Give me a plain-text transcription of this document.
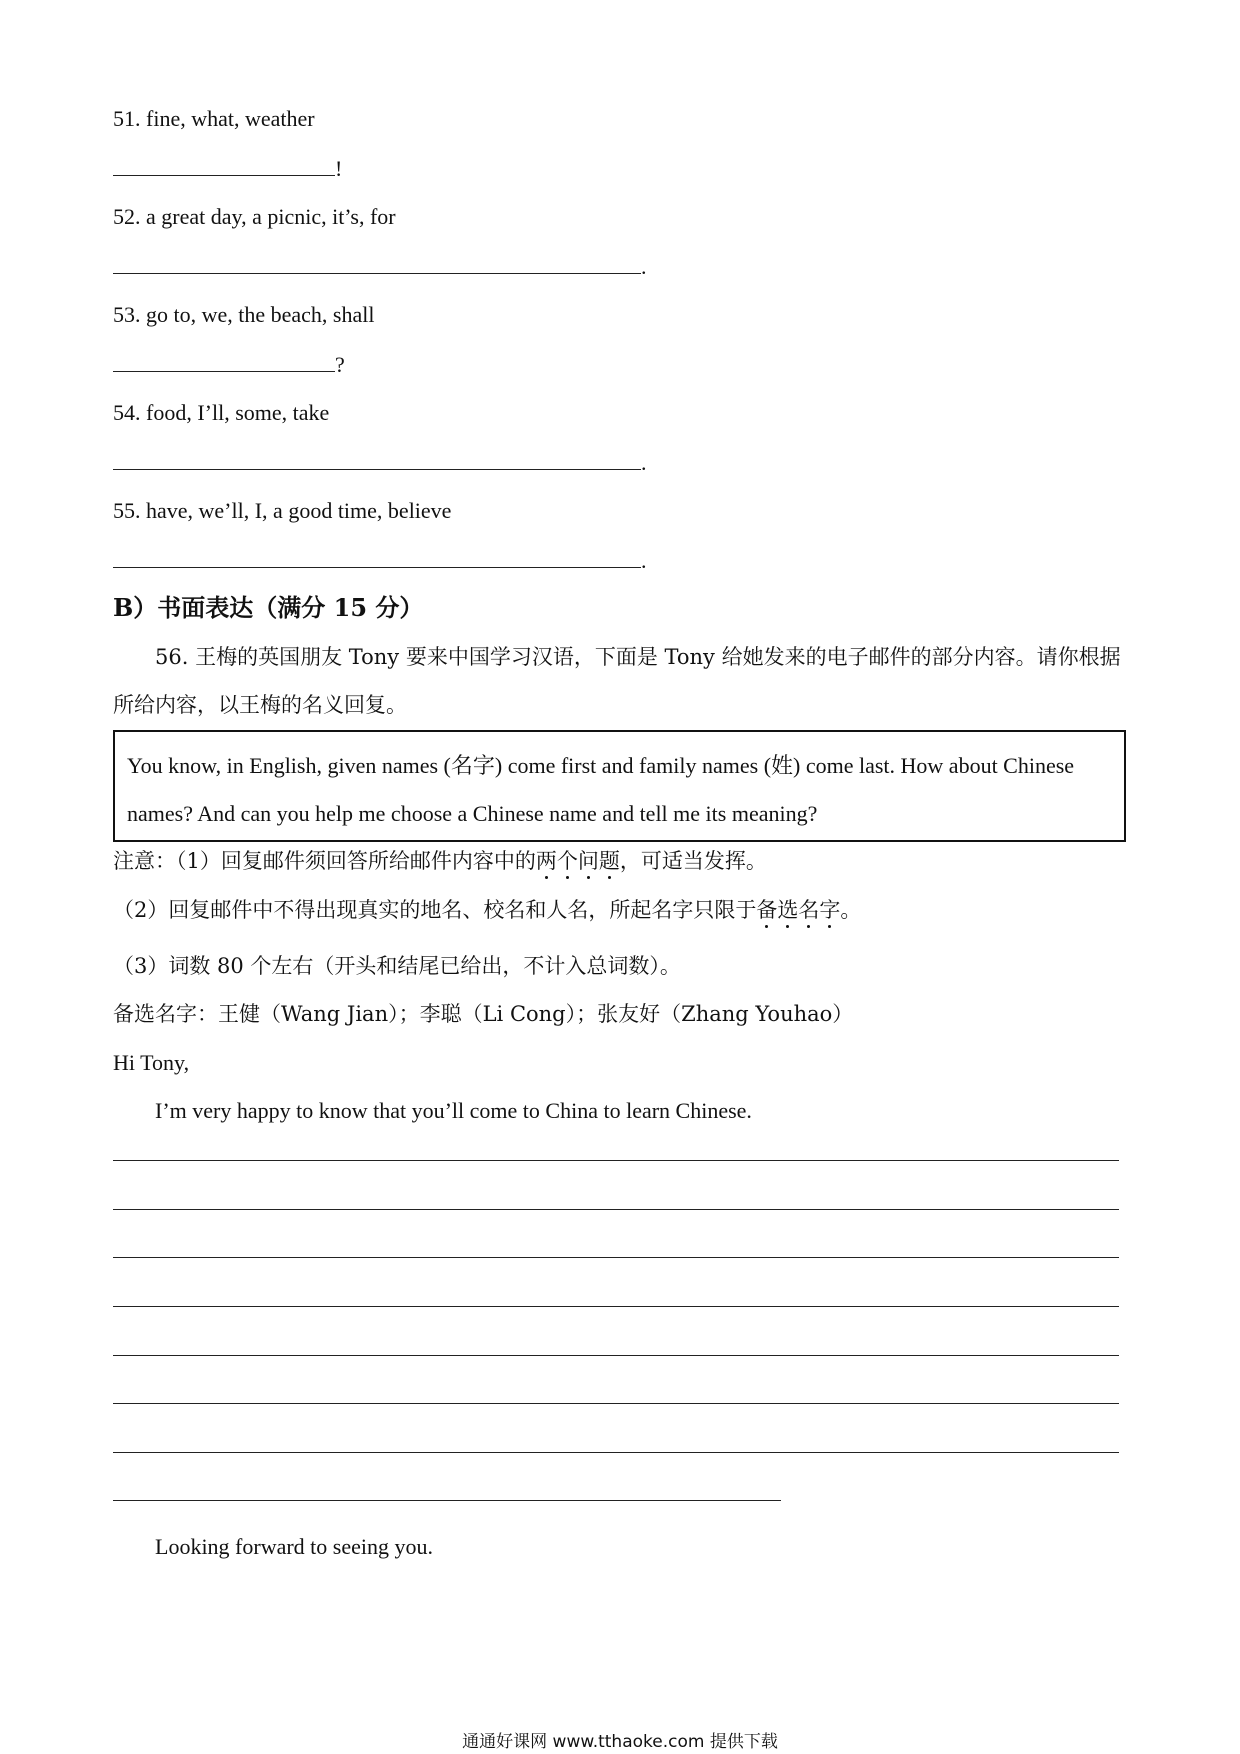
51. fine, what, weather
!
52. a great day, a picnic, it’s, for
.
53. go to, we, the beach, shall
?
54. food, I’ll, some, take
.
55. have, we’ll, I, a good time, believe
.
B）书面表达（满分 15 分）
56. 王梅的英国朋友 Tony 要来中国学习汉语，下面是 Tony 给她发来的电子邮件的部分内容。请你根据所给内容，以王梅的名义回复。
You know, in English, given names (名字) come first and family names (姓) come last. How about Chinese
names? And can you help me choose a Chinese name and tell me its meaning?
注意：（1）回复邮件须回答所给邮件内容中的两个问题，可适当发挥。
（2）回复邮件中不得出现真实的地名、校名和人名，所起名字只限于备选名字。
（3）词数 80 个左右（开头和结尾已给出，不计入总词数）。
备选名字：王健（Wang Jian）；李聪（Li Cong）；张友好（Zhang Youhao）
Hi Tony,
I’m very happy to know that you’ll come to China to learn Chinese.
Looking forward to seeing you.
通通好课网 www.tthaoke.com 提供下载
